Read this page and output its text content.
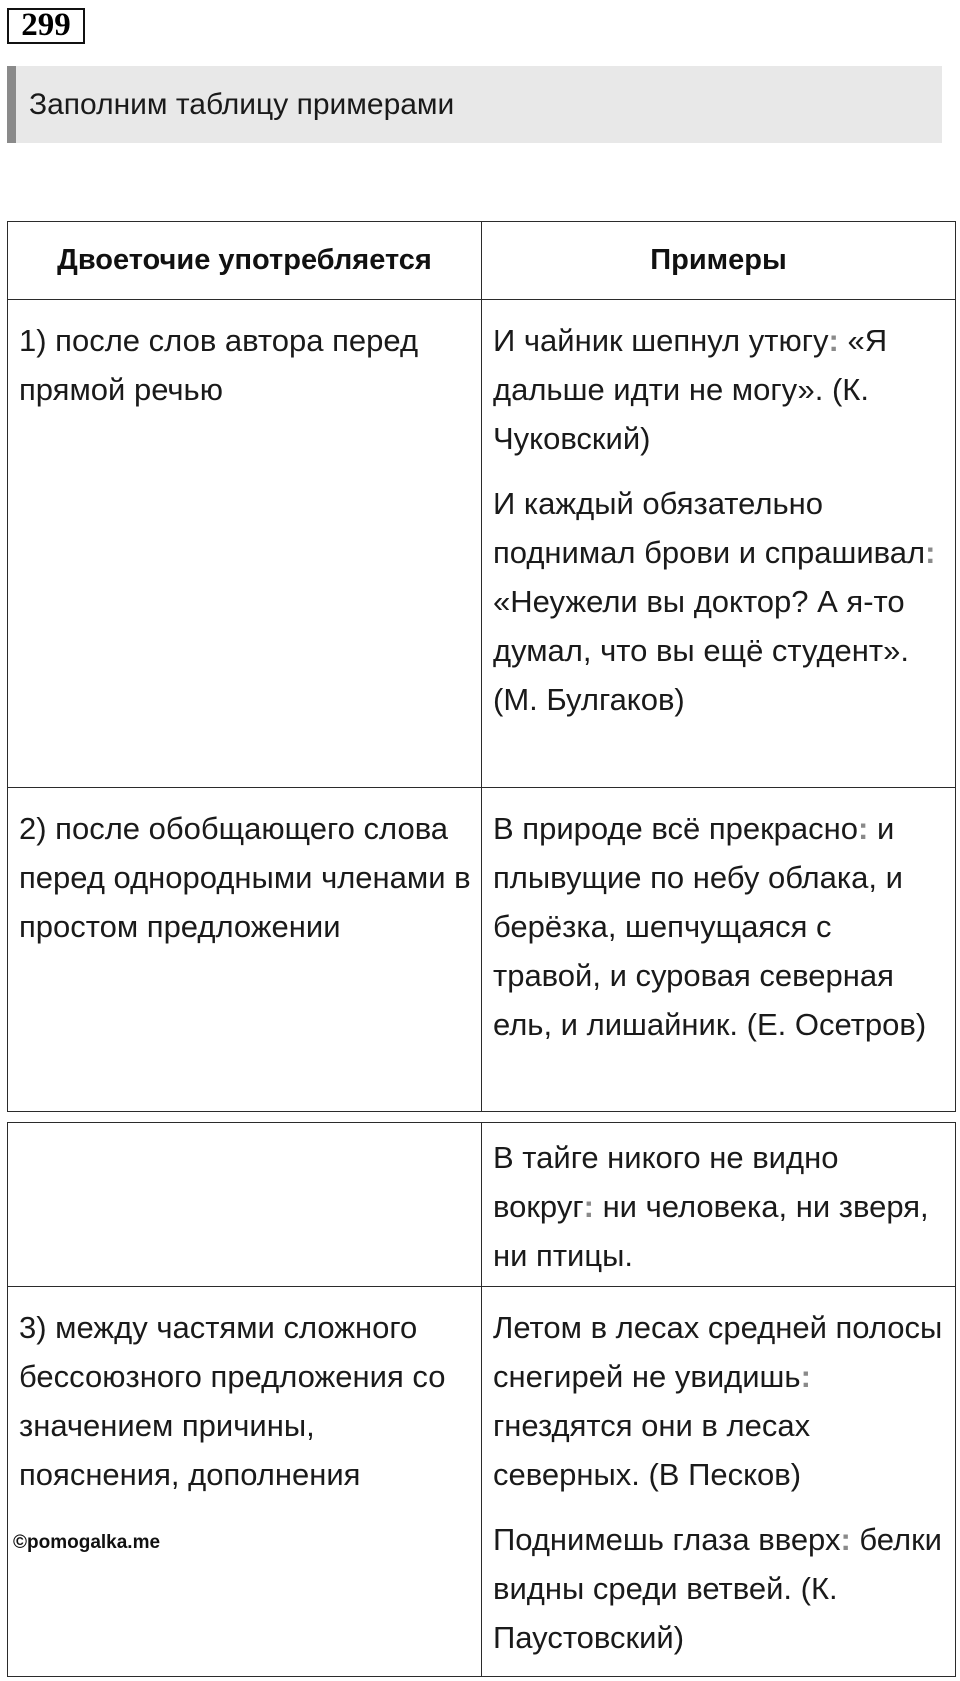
299
Заполним таблицу примерами
Двоеточие употребляется	Примеры

1) после слов автора перед прямой речью	И чайник шепнул утюгу: «Я дальше идти не могу». (К. Чуковский)
И каждый обязательно поднимал брови и спрашивал: «Неужели вы доктор? А я-то думал, что вы ещё студент». (М. Булгаков)

2) после обобщающего слова перед однородными членами в простом предложении	В природе всё прекрасно: и плывущие по небу облака, и берёзка, шепчущаяся с травой, и суровая северная ель, и лишайник. (Е. Осетров)

	В тайге никого не видно вокруг: ни человека, ни зверя, ни птицы.

3) между частями сложного бессоюзного предложения со значением причины, пояснения, дополнения	Летом в лесах средней полосы снегирей не увидишь: гнездятся они в лесах северных. (В Песков)
Поднимешь глаза вверх: белки видны среди ветвей. (К. Паустовский)
©pomogalka.me
